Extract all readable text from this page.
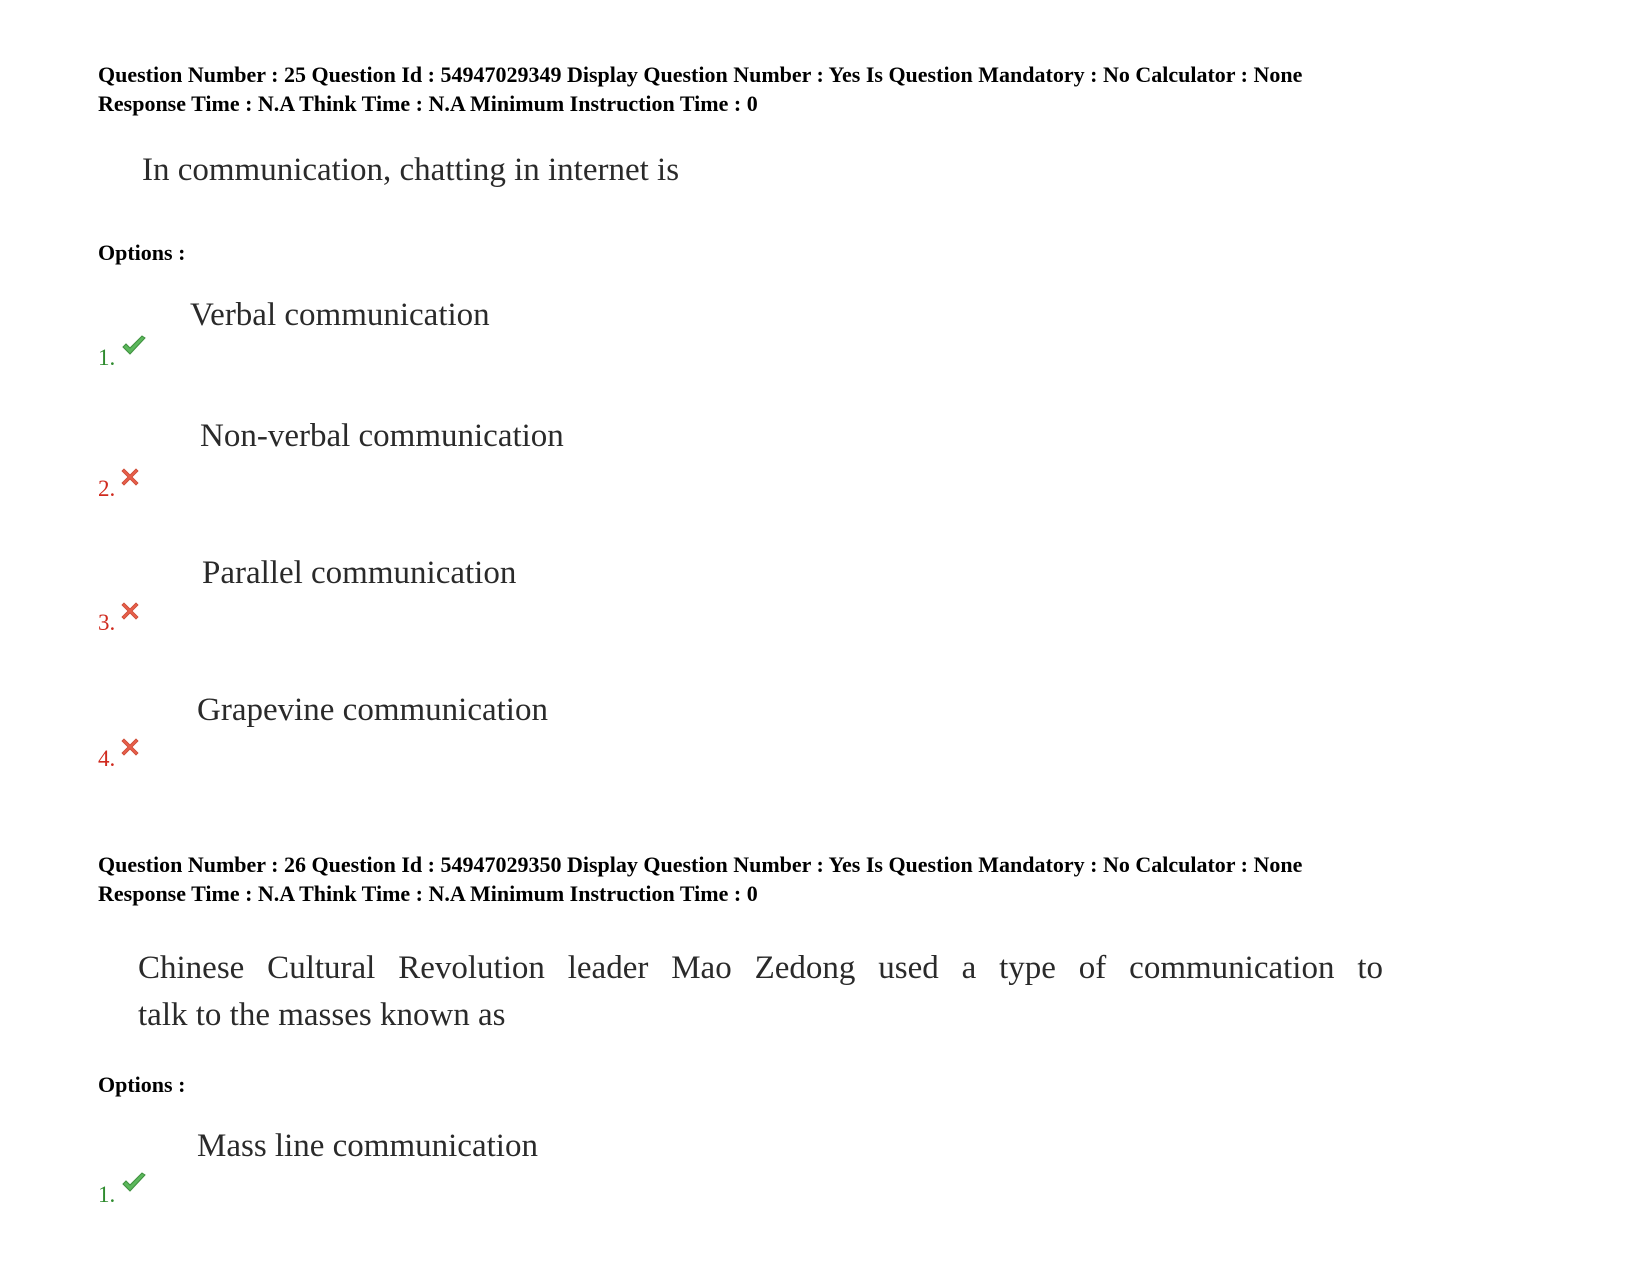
Question Number : 25 Question Id : 54947029349 Display Question Number : Yes Is Question Mandatory : No Calculator : None
Response Time : N.A Think Time : N.A Minimum Instruction Time : 0
In communication, chatting in internet is
Options :
Verbal communication
1.
Non-verbal communication
2.
Parallel communication
3.
Grapevine communication
4.
Question Number : 26 Question Id : 54947029350 Display Question Number : Yes Is Question Mandatory : No Calculator : None
Response Time : N.A Think Time : N.A Minimum Instruction Time : 0
Chinese Cultural Revolution leader Mao Zedong used a type of communication to
talk to the masses known as
Options :
Mass line communication
1.
